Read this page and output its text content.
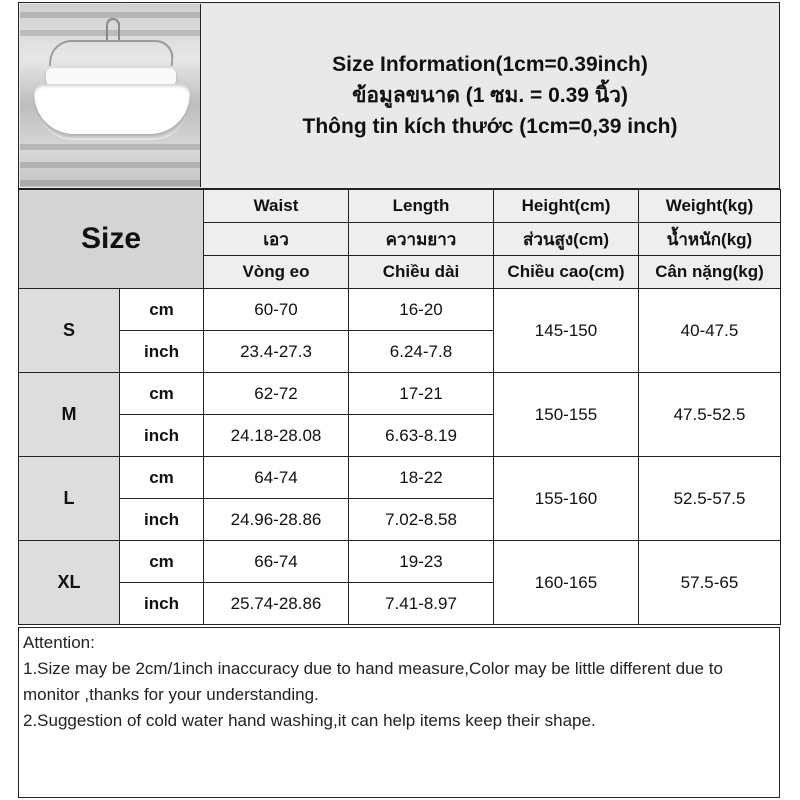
Size Information(1cm=0.39inch)
ข้อมูลขนาด (1 ซม. = 0.39 นิ้ว)
Thông tin kích thước (1cm=0,39 inch)
Size		Waist	Length	Height(cm)	Weight(kg)
		เอว	ความยาว	ส่วนสูง(cm)	น้ำหนัก(kg)
		Vòng eo	Chiều dài	Chiều cao(cm)	Cân nặng(kg)
S	cm	60-70	16-20	145-150	40-47.5
	inch	23.4-27.3	6.24-7.8		
M	cm	62-72	17-21	150-155	47.5-52.5
	inch	24.18-28.08	6.63-8.19		
L	cm	64-74	18-22	155-160	52.5-57.5
	inch	24.96-28.86	7.02-8.58		
XL	cm	66-74	19-23	160-165	57.5-65
	inch	25.74-28.86	7.41-8.97		
Attention:
1.Size may be 2cm/1inch inaccuracy due to hand measure,Color may be little different due to monitor ,thanks for your understanding.
2.Suggestion of cold water hand washing,it can help items keep their shape.
